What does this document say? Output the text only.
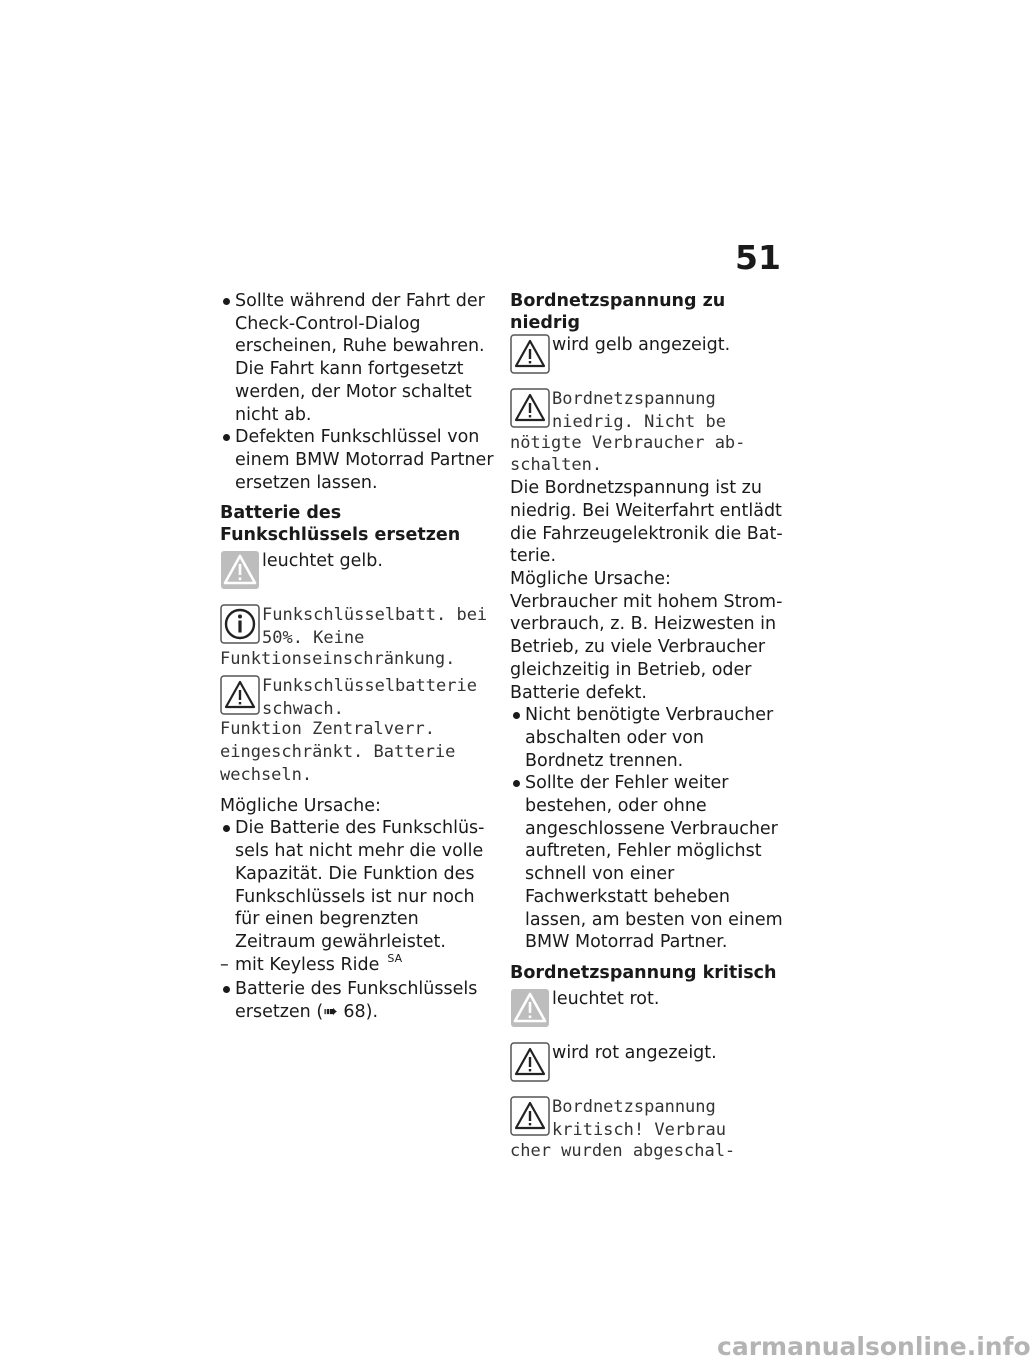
51
Sollte während der Fahrt der Check-Control-Dialog erscheinen, Ruhe bewahren. Die Fahrt kann fortgesetzt werden, der Motor schaltet nicht ab.
Defekten Funkschlüssel von einem BMW Motorrad Partner ersetzen lassen.
Batterie des Funkschlüssels ersetzen
leuchtet gelb.
Funkschlüsselbatt. bei 50%. Keine
Funktionseinschränkung.
Funkschlüsselbatterie schwach.
Funktion Zentralverr. eingeschränkt. Batterie wechseln.
Mögliche Ursache:
Die Batterie des Funkschlüssels hat nicht mehr die volle Kapazität. Die Funktion des Funkschlüssels ist nur noch für einen begrenzten Zeitraum gewährleistet.
– mit Keyless Ride $^{SA}$
Batterie des Funkschlüssels ersetzen (➠ 68).
Bordnetzspannung zu niedrig
wird gelb angezeigt.
Bordnetzspannung niedrig. Nicht be
nötigte Verbraucher abschalten.
Die Bordnetzspannung ist zu niedrig. Bei Weiterfahrt entlädt die Fahrzeugelektronik die Batterie.
Mögliche Ursache:
Verbraucher mit hohem Stromverbrauch, z. B. Heizwesten in Betrieb, zu viele Verbraucher gleichzeitig in Betrieb, oder Batterie defekt.
Nicht benötigte Verbraucher abschalten oder von Bordnetz trennen.
Sollte der Fehler weiter bestehen, oder ohne angeschlossene Verbraucher auftreten, Fehler möglichst schnell von einer Fachwerkstatt beheben lassen, am besten von einem BMW Motorrad Partner.
Bordnetzspannung kritisch
leuchtet rot.
wird rot angezeigt.
Bordnetzspannung kritisch! Verbrau
cher wurden abgeschal-
carmanualsonline.info
